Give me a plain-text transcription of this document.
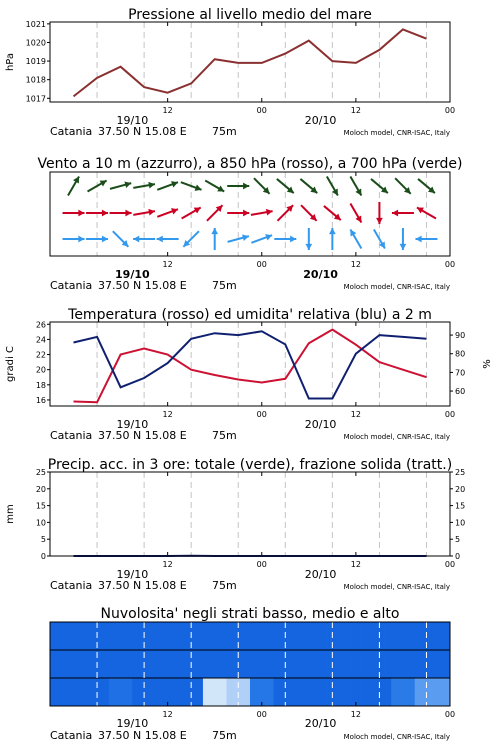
Pressione al livello medio del mare
12	00	12	00
19/10	20/10
Catania 37.50 N 15.08 E 75m	Moloch model, CNR-ISAC, Italy
1017
1018
1019
1020
1021
hPa
Vento a 10 m (azzurro), a 850 hPa (rosso), a 700 hPa (verde)
12	00	12	00
19/10	20/10
Catania 37.50 N 15.08 E 75m	Moloch model, CNR-ISAC, Italy
Temperatura (rosso) ed umidita' relativa (blu) a 2 m
12	00	12	00
19/10	20/10
Catania 37.50 N 15.08 E 75m	Moloch model, CNR-ISAC, Italy
16
18
20
22
24
26
60
70
80
90
gradi C	%
Precip. acc. in 3 ore: totale (verde), frazione solida (tratt.)
12	00	12	00
19/10	20/10
Catania 37.50 N 15.08 E 75m	Moloch model, CNR-ISAC, Italy
0
5
10
15
20
25
0
5
10
15
20
25
mm
Nuvolosita' negli strati basso, medio e alto
12	00	12	00
19/10	20/10
Catania 37.50 N 15.08 E 75m	Moloch model, CNR-ISAC, Italy
